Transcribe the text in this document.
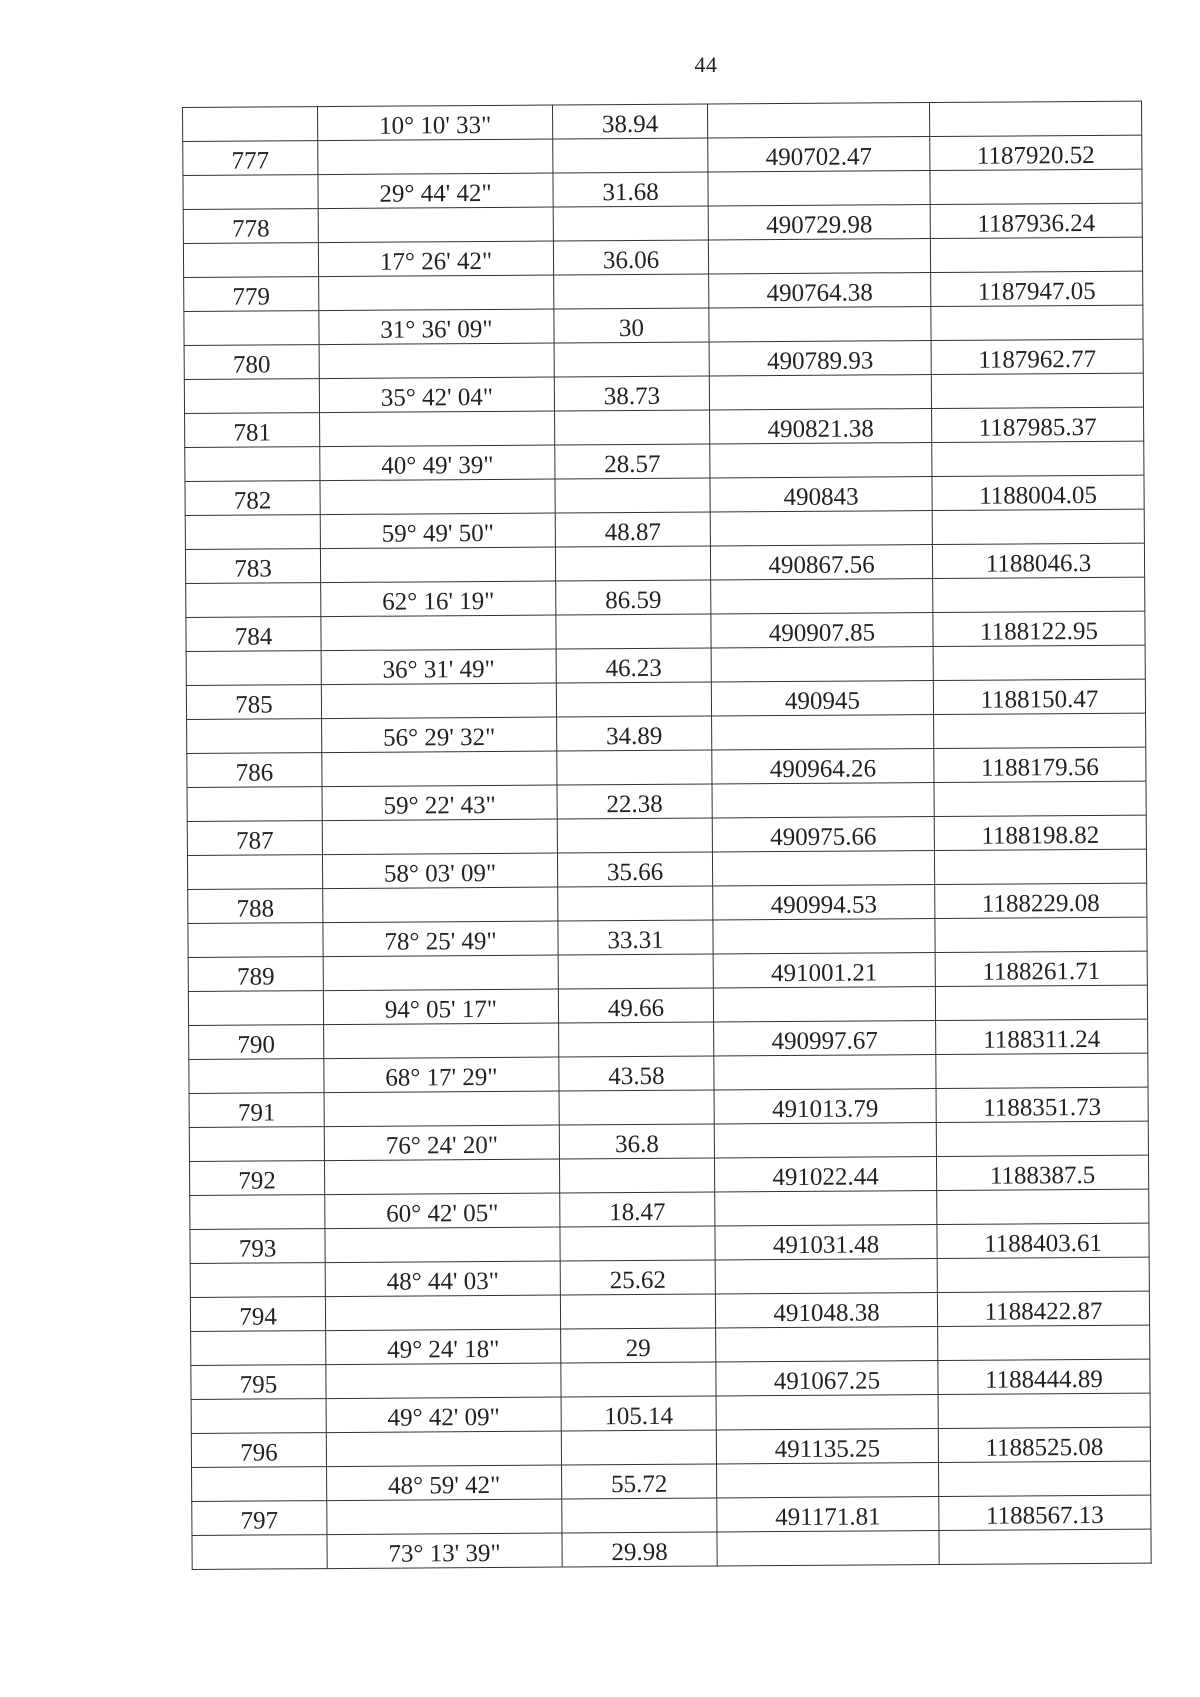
44
	10° 10' 33"	38.94		
777			490702.47	1187920.52
	29° 44' 42"	31.68		
778			490729.98	1187936.24
	17° 26' 42"	36.06		
779			490764.38	1187947.05
	31° 36' 09"	30		
780			490789.93	1187962.77
	35° 42' 04"	38.73		
781			490821.38	1187985.37
	40° 49' 39"	28.57		
782			490843	1188004.05
	59° 49' 50"	48.87		
783			490867.56	1188046.3
	62° 16' 19"	86.59		
784			490907.85	1188122.95
	36° 31' 49"	46.23		
785			490945	1188150.47
	56° 29' 32"	34.89		
786			490964.26	1188179.56
	59° 22' 43"	22.38		
787			490975.66	1188198.82
	58° 03' 09"	35.66		
788			490994.53	1188229.08
	78° 25' 49"	33.31		
789			491001.21	1188261.71
	94° 05' 17"	49.66		
790			490997.67	1188311.24
	68° 17' 29"	43.58		
791			491013.79	1188351.73
	76° 24' 20"	36.8		
792			491022.44	1188387.5
	60° 42' 05"	18.47		
793			491031.48	1188403.61
	48° 44' 03"	25.62		
794			491048.38	1188422.87
	49° 24' 18"	29		
795			491067.25	1188444.89
	49° 42' 09"	105.14		
796			491135.25	1188525.08
	48° 59' 42"	55.72		
797			491171.81	1188567.13
	73° 13' 39"	29.98		
